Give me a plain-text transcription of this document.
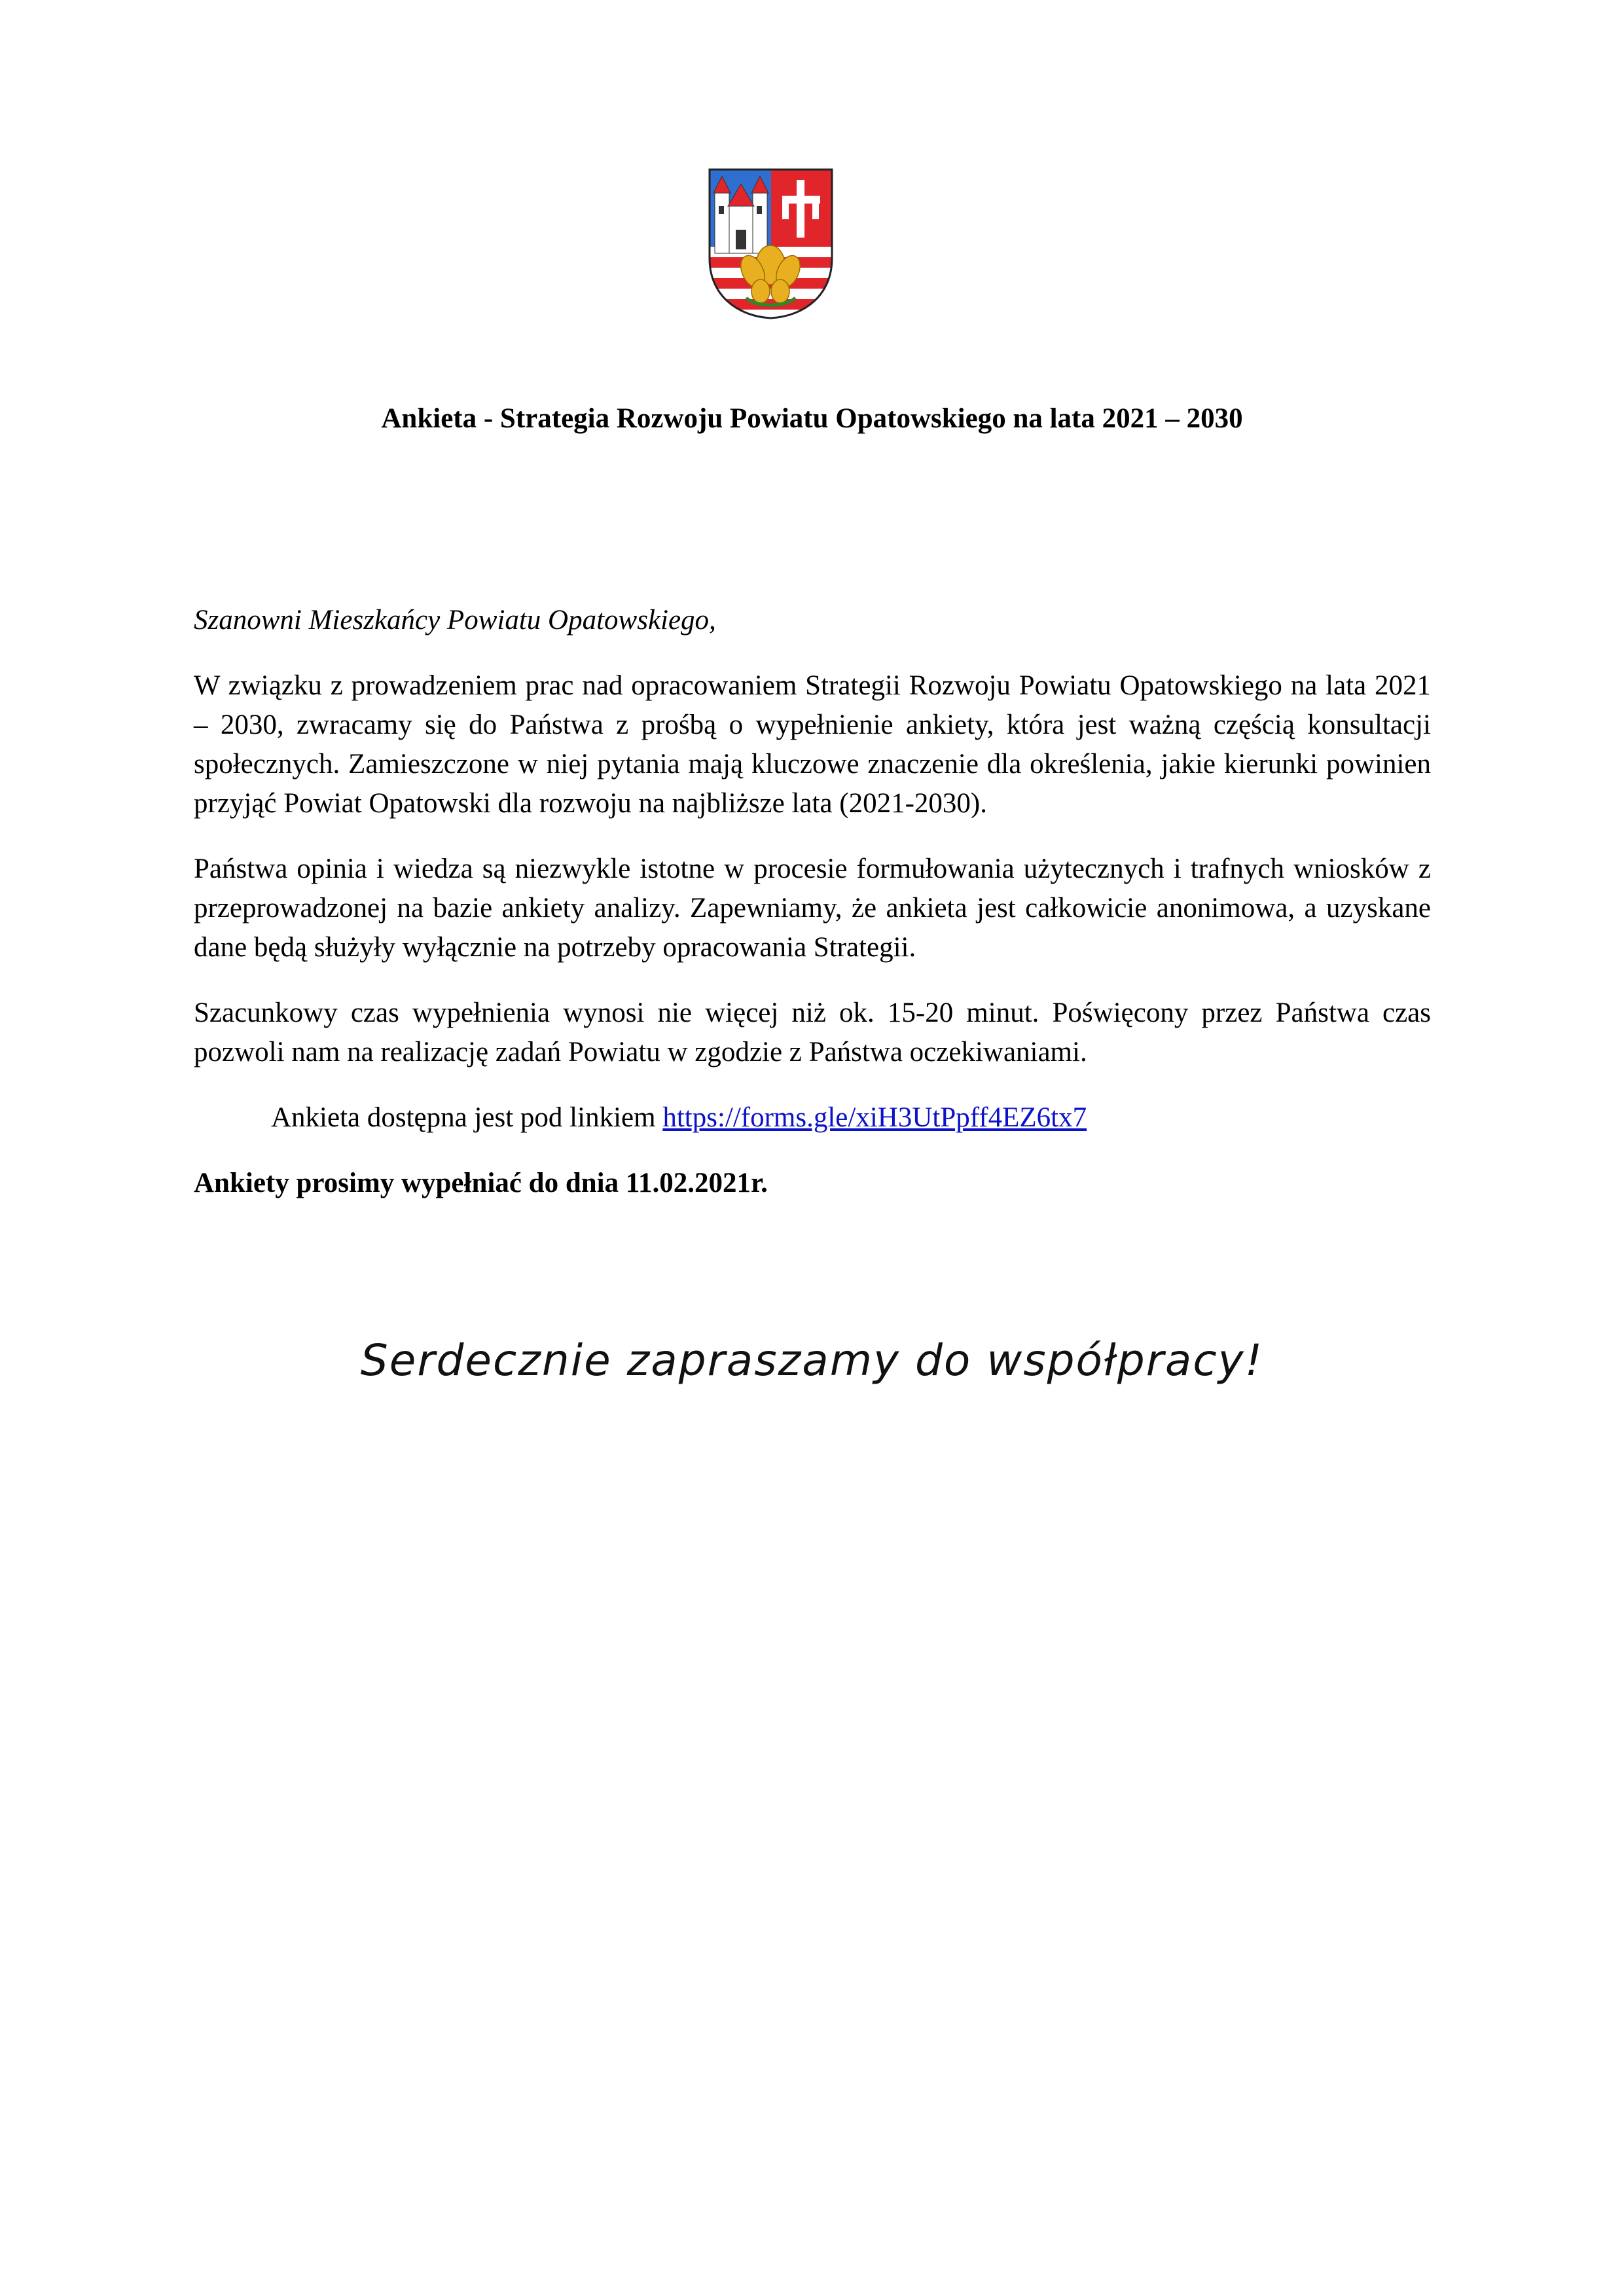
Ankieta - Strategia Rozwoju Powiatu Opatowskiego na lata 2021 – 2030

Szanowni Mieszkańcy Powiatu Opatowskiego,

W związku z prowadzeniem prac nad opracowaniem Strategii Rozwoju Powiatu Opatowskiego na lata 2021 – 2030, zwracamy się do Państwa z prośbą o wypełnienie ankiety, która jest ważną częścią konsultacji społecznych. Zamieszczone w niej pytania mają kluczowe znaczenie dla określenia, jakie kierunki powinien przyjąć Powiat Opatowski dla rozwoju na najbliższe lata (2021-2030).

Państwa opinia i wiedza są niezwykle istotne w procesie formułowania użytecznych i trafnych wniosków z przeprowadzonej na bazie ankiety analizy. Zapewniamy, że ankieta jest całkowicie anonimowa, a uzyskane dane będą służyły wyłącznie na potrzeby opracowania Strategii.

Szacunkowy czas wypełnienia wynosi nie więcej niż ok. 15-20 minut. Poświęcony przez Państwa czas pozwoli nam na realizację zadań Powiatu w zgodzie z Państwa oczekiwaniami.

Ankieta dostępna jest pod linkiem https://forms.gle/xiH3UtPpff4EZ6tx7

Ankiety prosimy wypełniać do dnia 11.02.2021r.

Serdecznie zapraszamy do współpracy!
